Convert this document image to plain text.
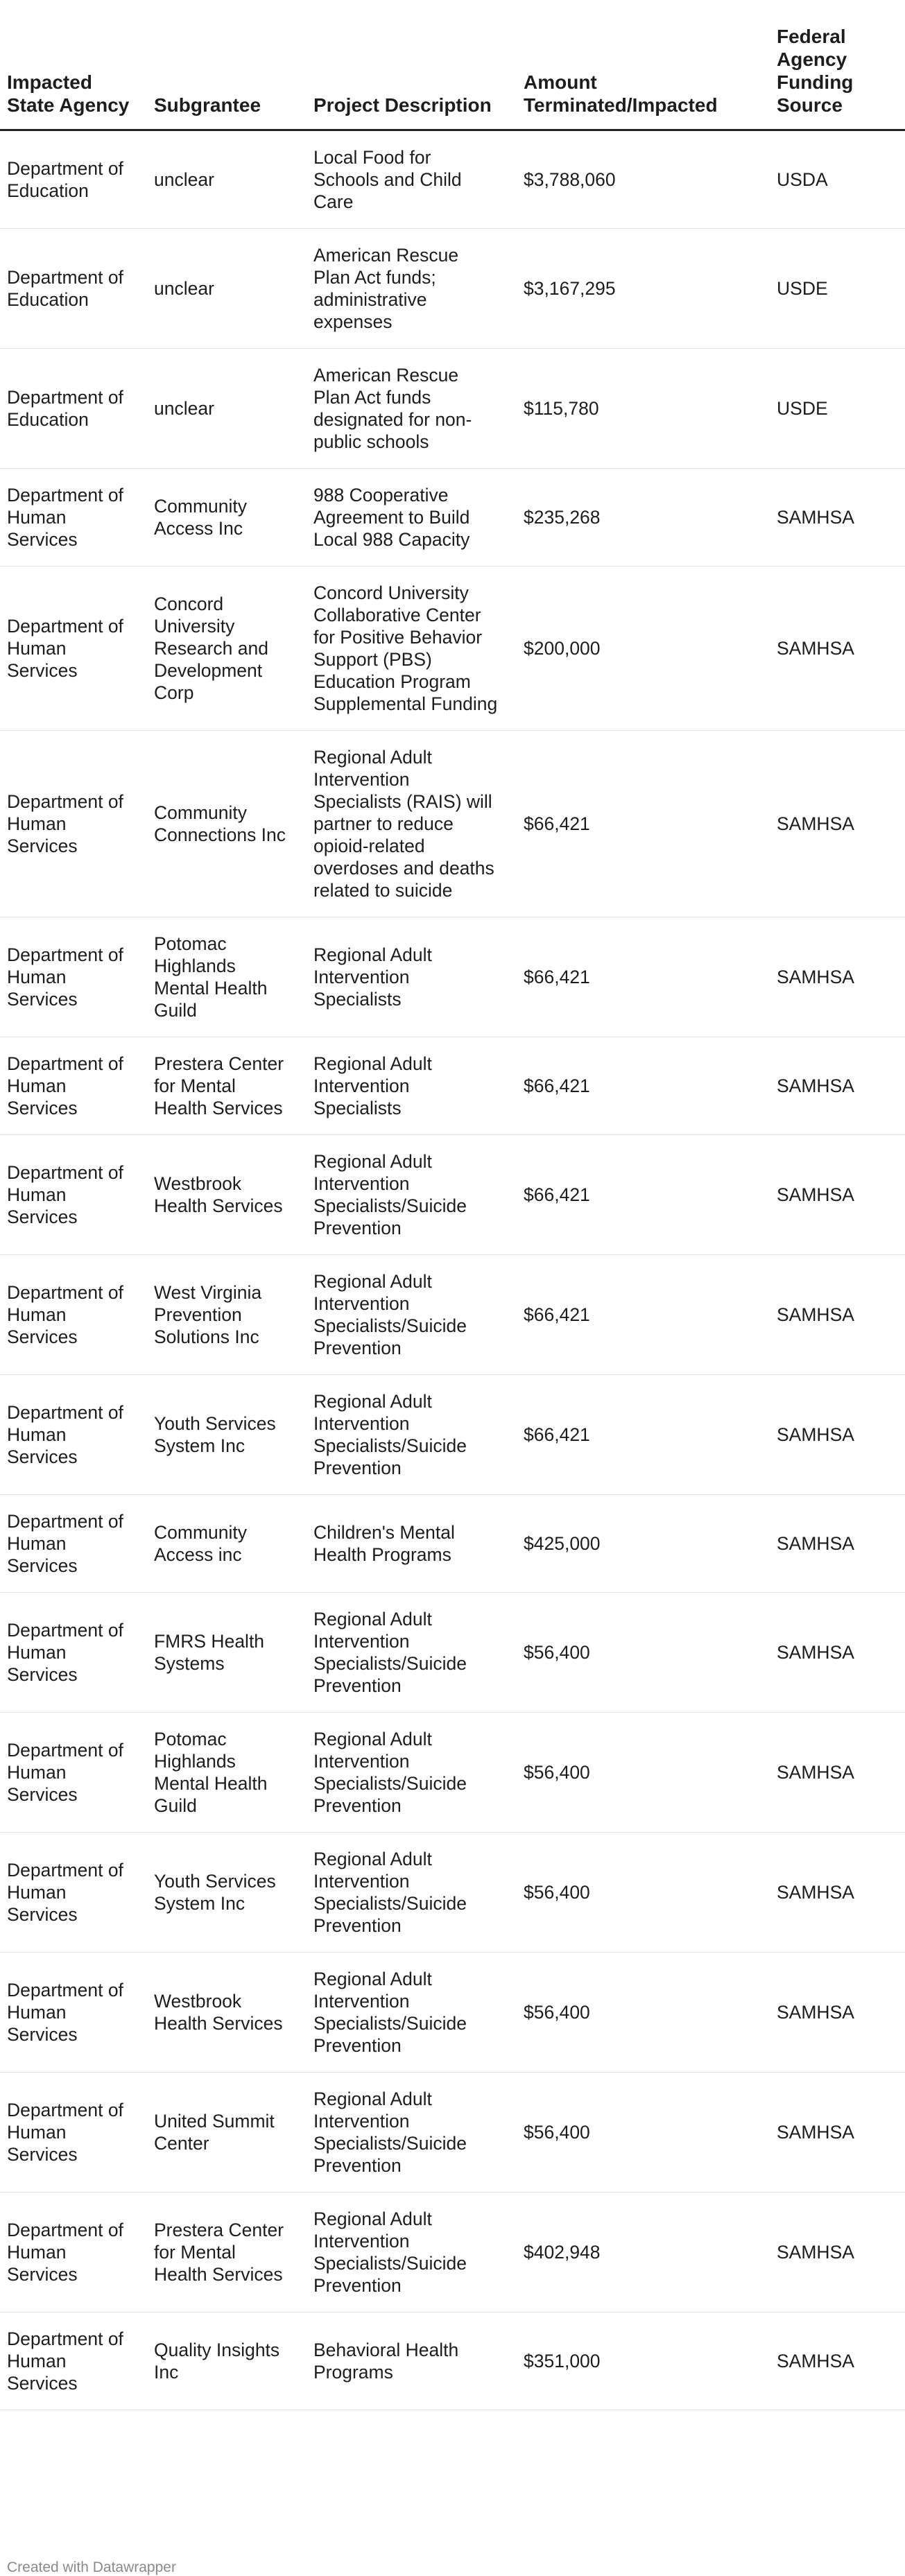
Impacted State Agency	Subgrantee	Project Description	Amount Terminated/Impacted	Federal Agency Funding Source
Department of Education	unclear	Local Food for Schools and Child Care	$3,788,060	USDA
Department of Education	unclear	American Rescue Plan Act funds; administrative expenses	$3,167,295	USDE
Department of Education	unclear	American Rescue Plan Act funds designated for non-public schools	$115,780	USDE
Department of Human Services	Community Access Inc	988 Cooperative Agreement to Build Local 988 Capacity	$235,268	SAMHSA
Department of Human Services	Concord University Research and Development Corp	Concord University Collaborative Center for Positive Behavior Support (PBS) Education Program Supplemental Funding	$200,000	SAMHSA
Department of Human Services	Community Connections Inc	Regional Adult Intervention Specialists (RAIS) will partner to reduce opioid-related overdoses and deaths related to suicide	$66,421	SAMHSA
Department of Human Services	Potomac Highlands Mental Health Guild	Regional Adult Intervention Specialists	$66,421	SAMHSA
Department of Human Services	Prestera Center for Mental Health Services	Regional Adult Intervention Specialists	$66,421	SAMHSA
Department of Human Services	Westbrook Health Services	Regional Adult Intervention Specialists/Suicide Prevention	$66,421	SAMHSA
Department of Human Services	West Virginia Prevention Solutions Inc	Regional Adult Intervention Specialists/Suicide Prevention	$66,421	SAMHSA
Department of Human Services	Youth Services System Inc	Regional Adult Intervention Specialists/Suicide Prevention	$66,421	SAMHSA
Department of Human Services	Community Access inc	Children's Mental Health Programs	$425,000	SAMHSA
Department of Human Services	FMRS Health Systems	Regional Adult Intervention Specialists/Suicide Prevention	$56,400	SAMHSA
Department of Human Services	Potomac Highlands Mental Health Guild	Regional Adult Intervention Specialists/Suicide Prevention	$56,400	SAMHSA
Department of Human Services	Youth Services System Inc	Regional Adult Intervention Specialists/Suicide Prevention	$56,400	SAMHSA
Department of Human Services	Westbrook Health Services	Regional Adult Intervention Specialists/Suicide Prevention	$56,400	SAMHSA
Department of Human Services	United Summit Center	Regional Adult Intervention Specialists/Suicide Prevention	$56,400	SAMHSA
Department of Human Services	Prestera Center for Mental Health Services	Regional Adult Intervention Specialists/Suicide Prevention	$402,948	SAMHSA
Department of Human Services	Quality Insights Inc	Behavioral Health Programs	$351,000	SAMHSA
Created with Datawrapper
